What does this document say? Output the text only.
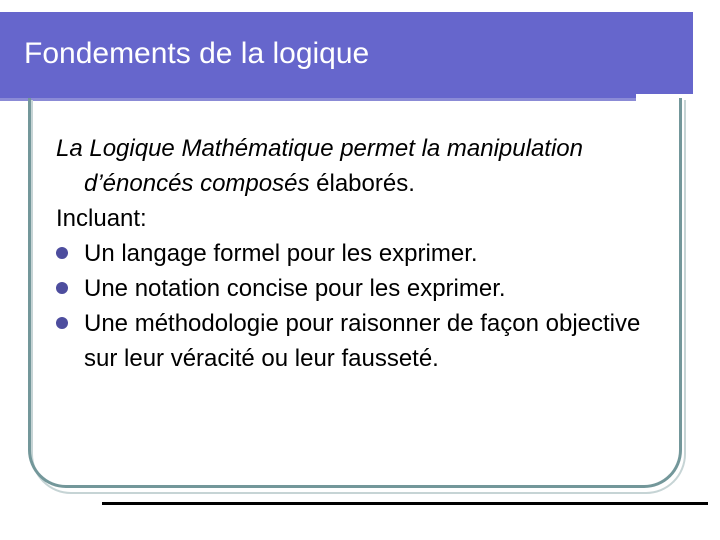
Fondements de la logique

La Logique Mathématique permet la manipulation d’énoncés composés élaborés.

Incluant:

Un langage formel pour les exprimer.
Une notation concise pour les exprimer.
Une méthodologie pour raisonner de façon objective sur leur véracité ou leur fausseté.
